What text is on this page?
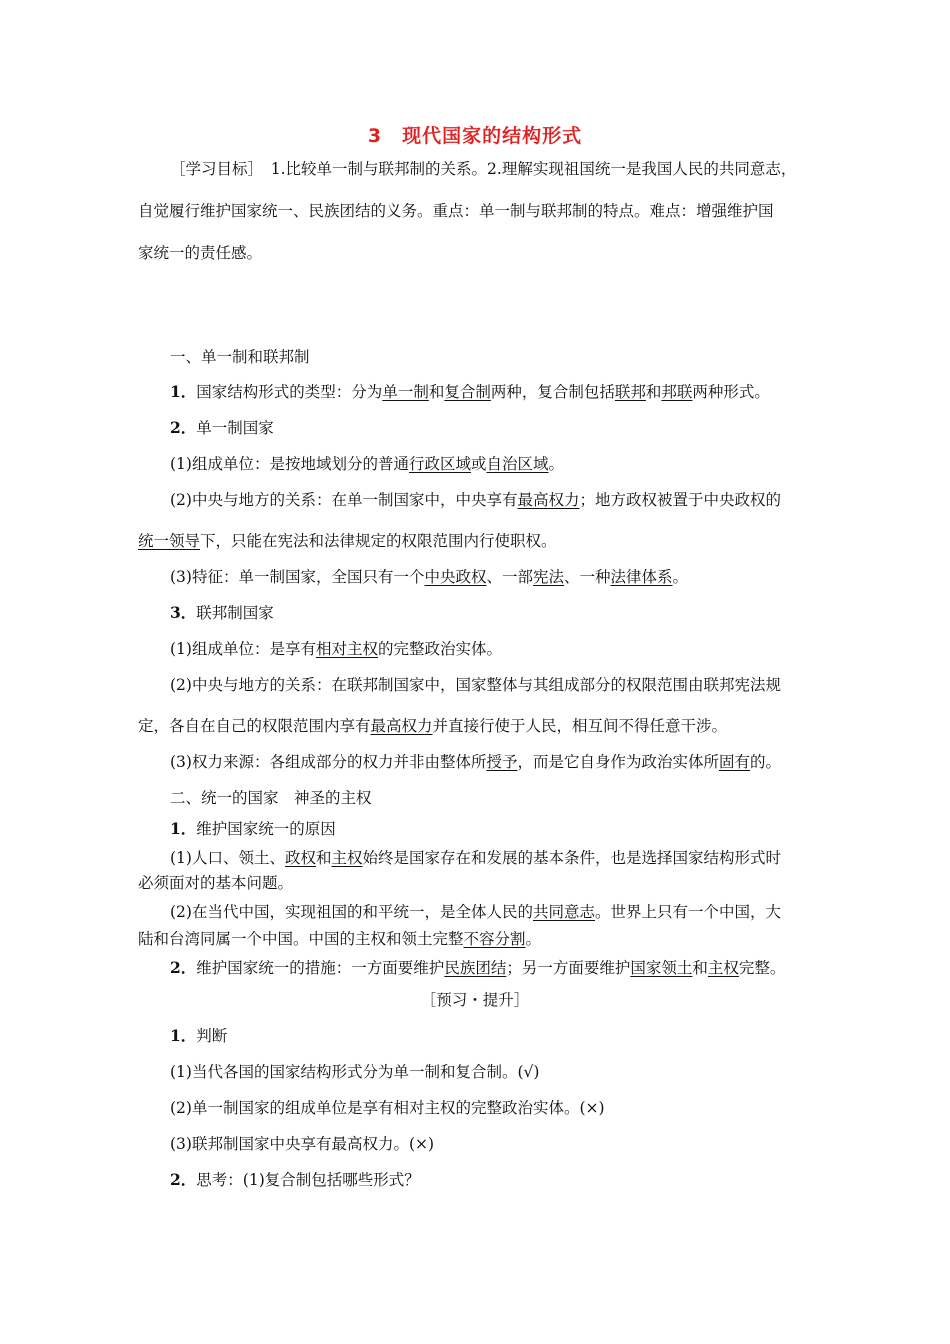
3　现代国家的结构形式
［学习目标］　1.比较单一制与联邦制的关系。2.理解实现祖国统一是我国人民的共同意志，
自觉履行维护国家统一、民族团结的义务。重点：单一制与联邦制的特点。难点：增强维护国
家统一的责任感。
一、单一制和联邦制
1．国家结构形式的类型：分为单一制和复合制两种，复合制包括联邦和邦联两种形式。
2．单一制国家
(1)组成单位：是按地域划分的普通行政区域或自治区域。
(2)中央与地方的关系：在单一制国家中，中央享有最高权力；地方政权被置于中央政权的
统一领导下，只能在宪法和法律规定的权限范围内行使职权。
(3)特征：单一制国家，全国只有一个中央政权、一部宪法、一种法律体系。
3．联邦制国家
(1)组成单位：是享有相对主权的完整政治实体。
(2)中央与地方的关系：在联邦制国家中，国家整体与其组成部分的权限范围由联邦宪法规
定，各自在自己的权限范围内享有最高权力并直接行使于人民，相互间不得任意干涉。
(3)权力来源：各组成部分的权力并非由整体所授予，而是它自身作为政治实体所固有的。
二、统一的国家　神圣的主权
1．维护国家统一的原因
(1)人口、领土、政权和主权始终是国家存在和发展的基本条件，也是选择国家结构形式时
必须面对的基本问题。
(2)在当代中国，实现祖国的和平统一，是全体人民的共同意志。世界上只有一个中国，大
陆和台湾同属一个中国。中国的主权和领土完整不容分割。
2．维护国家统一的措施：一方面要维护民族团结；另一方面要维护国家领土和主权完整。
［预习・提升］
1．判断
(1)当代各国的国家结构形式分为单一制和复合制。(√)
(2)单一制国家的组成单位是享有相对主权的完整政治实体。(×)
(3)联邦制国家中央享有最高权力。(×)
2．思考：(1)复合制包括哪些形式？
